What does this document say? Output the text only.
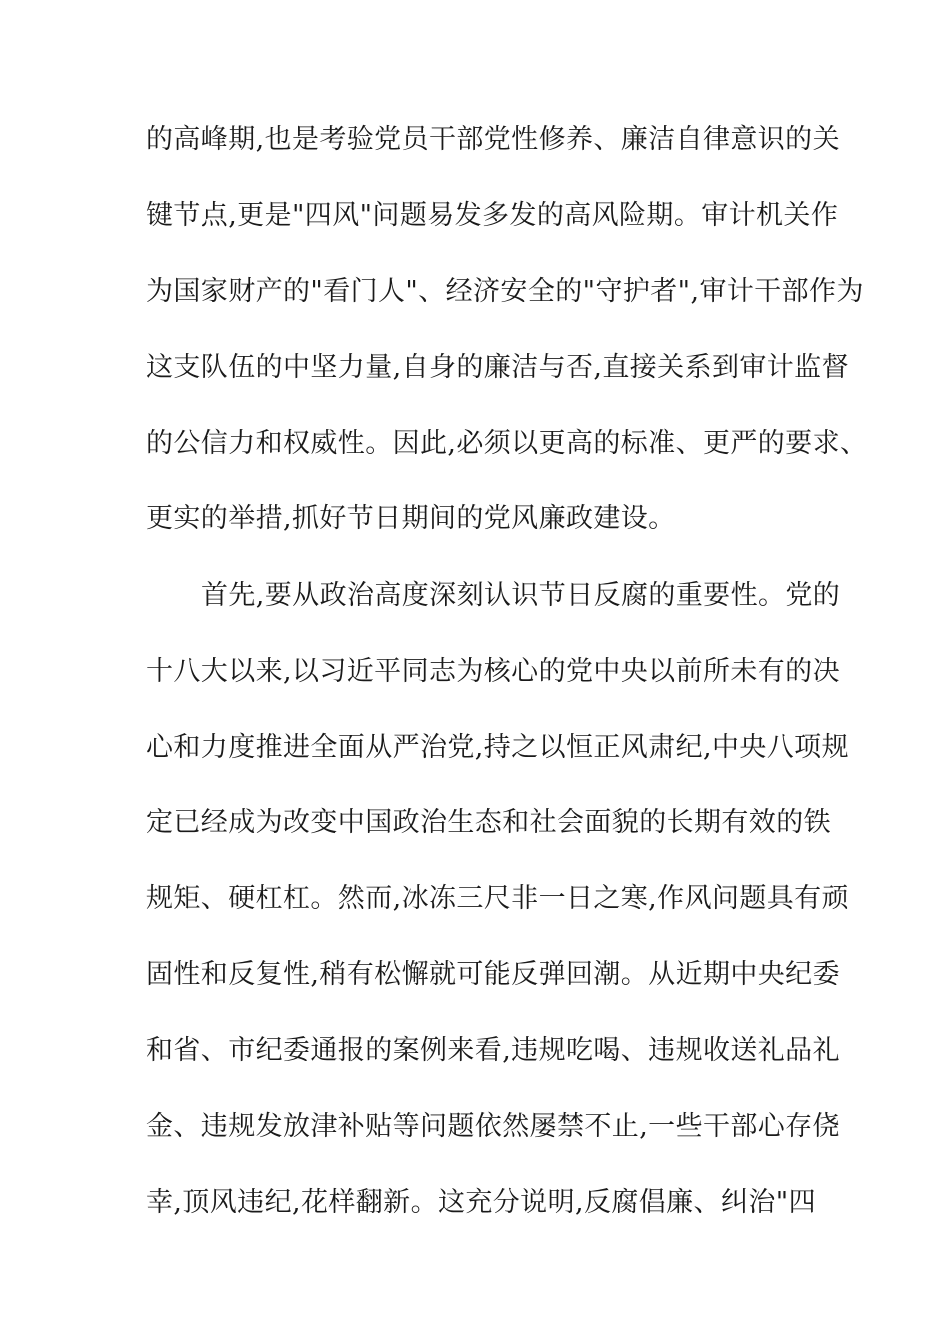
的高峰期,也是考验党员干部党性修养、廉洁自律意识的关
键节点,更是"四风"问题易发多发的高风险期。审计机关作
为国家财产的"看门人"、经济安全的"守护者",审计干部作为
这支队伍的中坚力量,自身的廉洁与否,直接关系到审计监督
的公信力和权威性。因此,必须以更高的标准、更严的要求、
更实的举措,抓好节日期间的党风廉政建设。
首先,要从政治高度深刻认识节日反腐的重要性。党的
十八大以来,以习近平同志为核心的党中央以前所未有的决
心和力度推进全面从严治党,持之以恒正风肃纪,中央八项规
定已经成为改变中国政治生态和社会面貌的长期有效的铁
规矩、硬杠杠。然而,冰冻三尺非一日之寒,作风问题具有顽
固性和反复性,稍有松懈就可能反弹回潮。从近期中央纪委
和省、市纪委通报的案例来看,违规吃喝、违规收送礼品礼
金、违规发放津补贴等问题依然屡禁不止,一些干部心存侥
幸,顶风违纪,花样翻新。这充分说明,反腐倡廉、纠治"四
